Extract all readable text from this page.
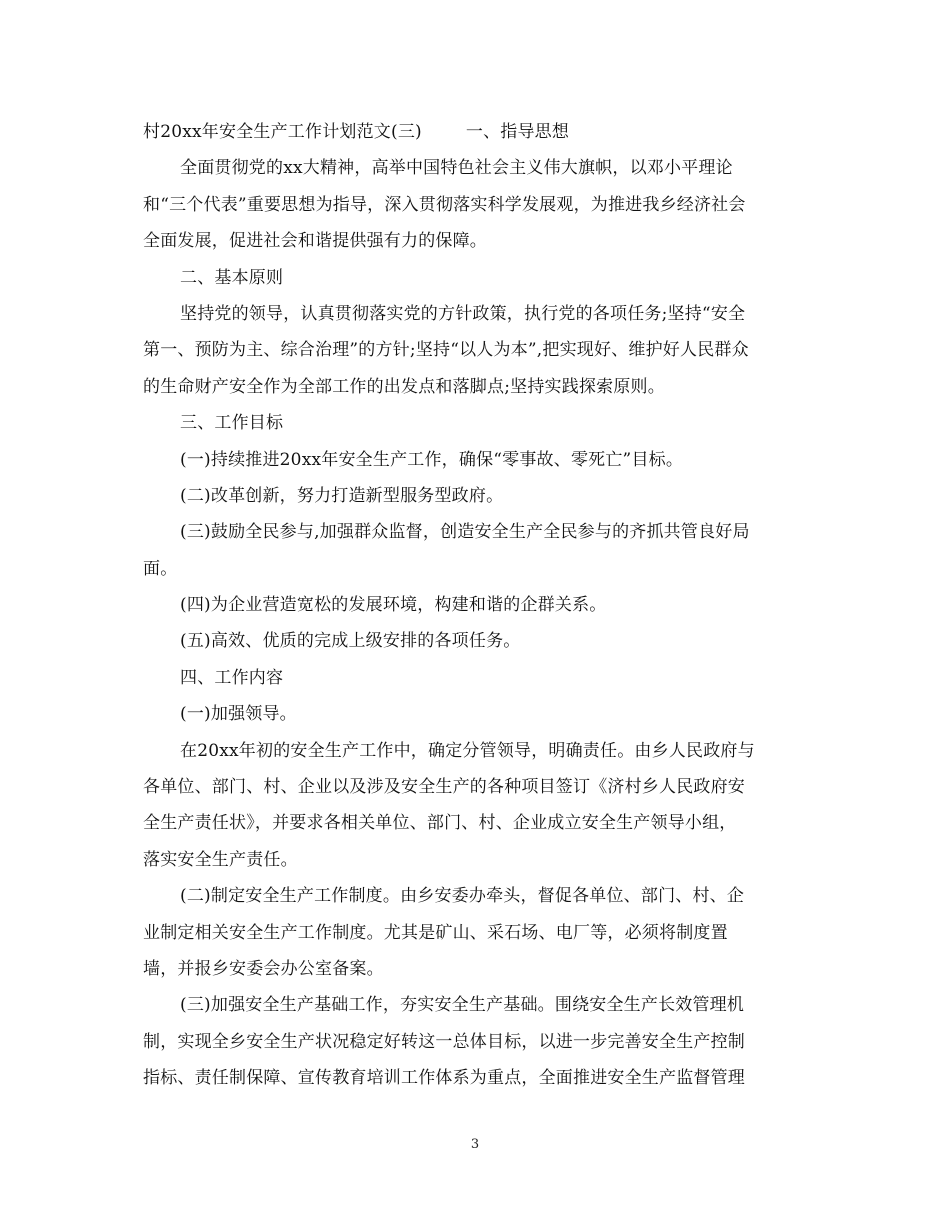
村20xx年安全生产工作计划范文(三)	一、指导思想
全面贯彻党的xx大精神，高举中国特色社会主义伟大旗帜，以邓小平理论
和“三个代表”重要思想为指导，深入贯彻落实科学发展观，为推进我乡经济社会
全面发展，促进社会和谐提供强有力的保障。
二、基本原则
坚持党的领导，认真贯彻落实党的方针政策，执行党的各项任务;坚持“安全
第一、预防为主、综合治理”的方针;坚持“以人为本”,把实现好、维护好人民群众
的生命财产安全作为全部工作的出发点和落脚点;坚持实践探索原则。
三、工作目标
(一)持续推进20xx年安全生产工作，确保“零事故、零死亡”目标。
(二)改革创新，努力打造新型服务型政府。
(三)鼓励全民参与,加强群众监督，创造安全生产全民参与的齐抓共管良好局
面。
(四)为企业营造宽松的发展环境，构建和谐的企群关系。
(五)高效、优质的完成上级安排的各项任务。
四、工作内容
(一)加强领导。
在20xx年初的安全生产工作中，确定分管领导，明确责任。由乡人民政府与
各单位、部门、村、企业以及涉及安全生产的各种项目签订《济村乡人民政府安
全生产责任状》，并要求各相关单位、部门、村、企业成立安全生产领导小组，
落实安全生产责任。
(二)制定安全生产工作制度。由乡安委办牵头，督促各单位、部门、村、企
业制定相关安全生产工作制度。尤其是矿山、采石场、电厂等，必须将制度置
墙，并报乡安委会办公室备案。
(三)加强安全生产基础工作，夯实安全生产基础。围绕安全生产长效管理机
制，实现全乡安全生产状况稳定好转这一总体目标，以进一步完善安全生产控制
指标、责任制保障、宣传教育培训工作体系为重点，全面推进安全生产监督管理
3
